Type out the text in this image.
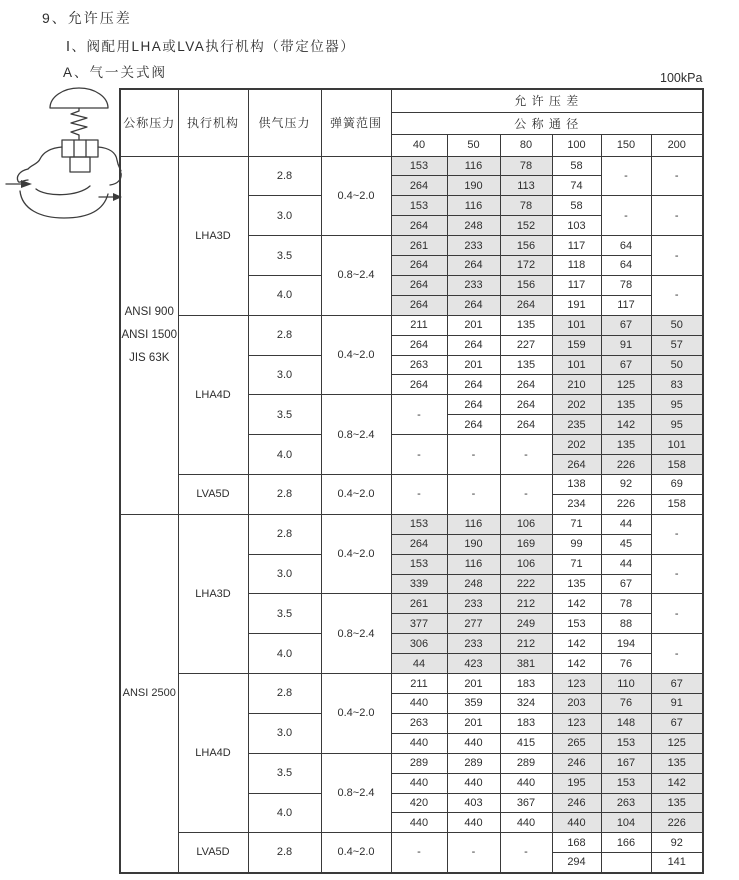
9、允许压差
Ⅰ、阀配用LHA或LVA执行机构（带定位器）
A、气一关式阀	100kPa
公称压力	执行机构	供气压力	弹簧范围	允 许 压 差					
				公 称 通 径					
				40	50	80	100	150	200

ANSI 900
ANSI 1500
JIS 63K	LHA3D	2.8	0.4~2.0	153	116	78	58	-	-
				264	190	113	74		
		3.0		153	116	78	58	-	-
				264	248	152	103		
		3.5	0.8~2.4	261	233	156	117	64	-
				264	264	172	118	64	
		4.0		264	233	156	117	78	-
				264	264	264	191	117	
	LHA4D	2.8	0.4~2.0	211	201	135	101	67	50
				264	264	227	159	91	57
		3.0		263	201	135	101	67	50
				264	264	264	210	125	83
		3.5	0.8~2.4	-	264	264	202	135	95
					264	264	235	142	95
		4.0		-	-	-	202	135	101
							264	226	158
	LVA5D	2.8	0.4~2.0	-	-	-	138	92	69
							234	226	158
ANSI 2500	LHA3D	2.8	0.4~2.0	153	116	106	71	44	-
				264	190	169	99	45	
		3.0		153	116	106	71	44	-
				339	248	222	135	67	
		3.5	0.8~2.4	261	233	212	142	78	-
				377	277	249	153	88	
		4.0		306	233	212	142	194	-
				44	423	381	142	76	
	LHA4D	2.8	0.4~2.0	211	201	183	123	110	67
				440	359	324	203	76	91
		3.0		263	201	183	123	148	67
				440	440	415	265	153	125
		3.5	0.8~2.4	289	289	289	246	167	135
				440	440	440	195	153	142
		4.0		420	403	367	246	263	135
				440	440	440	440	104	226
	LVA5D	2.8	0.4~2.0	-	-	-	168	166	92
							294		141
